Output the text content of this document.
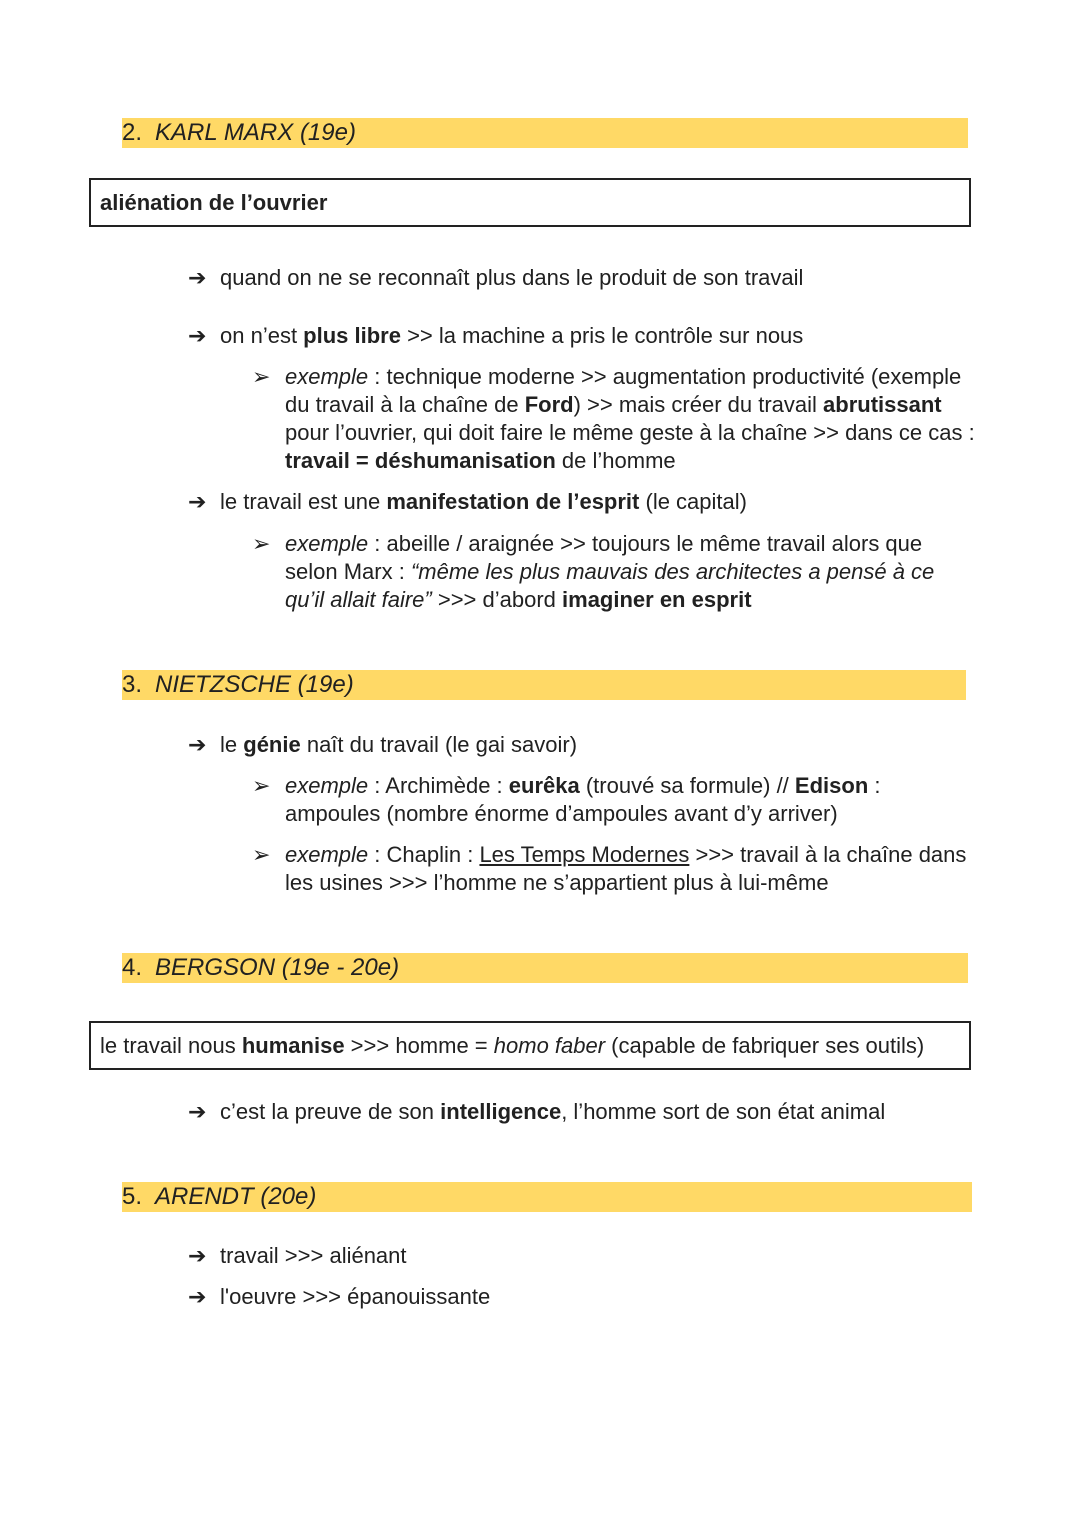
2. KARL MARX (19e)
aliénation de l’ouvrier
➔ quand on ne se reconnaît plus dans le produit de son travail
➔ on n’est plus libre >> la machine a pris le contrôle sur nous
➢ exemple : technique moderne >> augmentation productivité (exemple du travail à la chaîne de Ford) >> mais créer du travail abrutissant pour l’ouvrier, qui doit faire le même geste à la chaîne >> dans ce cas : travail = déshumanisation de l’homme
➔ le travail est une manifestation de l’esprit (le capital)
➢ exemple : abeille / araignée >> toujours le même travail alors que selon Marx : “même les plus mauvais des architectes a pensé à ce qu’il allait faire” >>> d’abord imaginer en esprit
3. NIETZSCHE (19e)
➔ le génie naît du travail (le gai savoir)
➢ exemple : Archimède : eurêka (trouvé sa formule) // Edison : ampoules (nombre énorme d’ampoules avant d’y arriver)
➢ exemple : Chaplin : Les Temps Modernes >>> travail à la chaîne dans les usines >>> l’homme ne s’appartient plus à lui-même
4. BERGSON (19e - 20e)
le travail nous humanise >>> homme = homo faber (capable de fabriquer ses outils)
➔ c’est la preuve de son intelligence, l’homme sort de son état animal
5. ARENDT (20e)
➔ travail >>> aliénant
➔ l'oeuvre >>> épanouissante
